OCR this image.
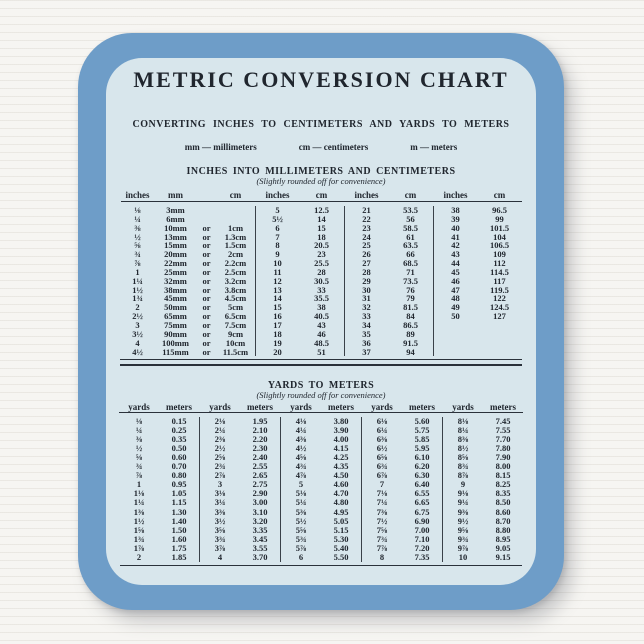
METRIC CONVERSION CHART
CONVERTING INCHES TO CENTIMETERS AND YARDS TO METERS
mm — millimeters	cm — centimeters	m — meters
INCHES INTO MILLIMETERS AND CENTIMETERS
(Slightly rounded off for convenience)
inches	mm	cm
⅛	3mm
¼	6mm
⅜	10mm	or	1cm
½	13mm	or	1.3cm
⅝	15mm	or	1.5cm
¾	20mm	or	2cm
⅞	22mm	or	2.2cm
1	25mm	or	2.5cm
1¼	32mm	or	3.2cm
1½	38mm	or	3.8cm
1¾	45mm	or	4.5cm
2	50mm	or	5cm
2½	65mm	or	6.5cm
3	75mm	or	7.5cm
3½	90mm	or	9cm
4	100mm	or	10cm
4½	115mm	or	11.5cm
inches	cm
5	12.5
5½	14
6	15
7	18
8	20.5
9	23
10	25.5
11	28
12	30.5
13	33
14	35.5
15	38
16	40.5
17	43
18	46
19	48.5
20	51
inches	cm
21	53.5
22	56
23	58.5
24	61
25	63.5
26	66
27	68.5
28	71
29	73.5
30	76
31	79
32	81.5
33	84
34	86.5
35	89
36	91.5
37	94
inches	cm
38	96.5
39	99
40	101.5
41	104
42	106.5
43	109
44	112
45	114.5
46	117
47	119.5
48	122
49	124.5
50	127
YARDS TO METERS
(Slightly rounded off for convenience)
yards	meters
⅛	0.15
¼	0.25
⅜	0.35
½	0.50
⅝	0.60
¾	0.70
⅞	0.80
1	0.95
1⅛	1.05
1¼	1.15
1⅜	1.30
1½	1.40
1⅝	1.50
1¾	1.60
1⅞	1.75
2	1.85
yards	meters
2⅛	1.95
2¼	2.10
2⅜	2.20
2½	2.30
2⅝	2.40
2¾	2.55
2⅞	2.65
3	2.75
3⅛	2.90
3¼	3.00
3⅜	3.10
3½	3.20
3⅝	3.35
3¾	3.45
3⅞	3.55
4	3.70
yards	meters
4⅛	3.80
4¼	3.90
4⅜	4.00
4½	4.15
4⅝	4.25
4¾	4.35
4⅞	4.50
5	4.60
5⅛	4.70
5¼	4.80
5⅜	4.95
5½	5.05
5⅝	5.15
5¾	5.30
5⅞	5.40
6	5.50
yards	meters
6⅛	5.60
6¼	5.75
6⅜	5.85
6½	5.95
6⅝	6.10
6¾	6.20
6⅞	6.30
7	6.40
7⅛	6.55
7¼	6.65
7⅜	6.75
7½	6.90
7⅝	7.00
7¾	7.10
7⅞	7.20
8	7.35
yards	meters
8⅛	7.45
8¼	7.55
8⅜	7.70
8½	7.80
8⅝	7.90
8¾	8.00
8⅞	8.15
9	8.25
9⅛	8.35
9¼	8.50
9⅜	8.60
9½	8.70
9⅝	8.80
9¾	8.95
9⅞	9.05
10	9.15
